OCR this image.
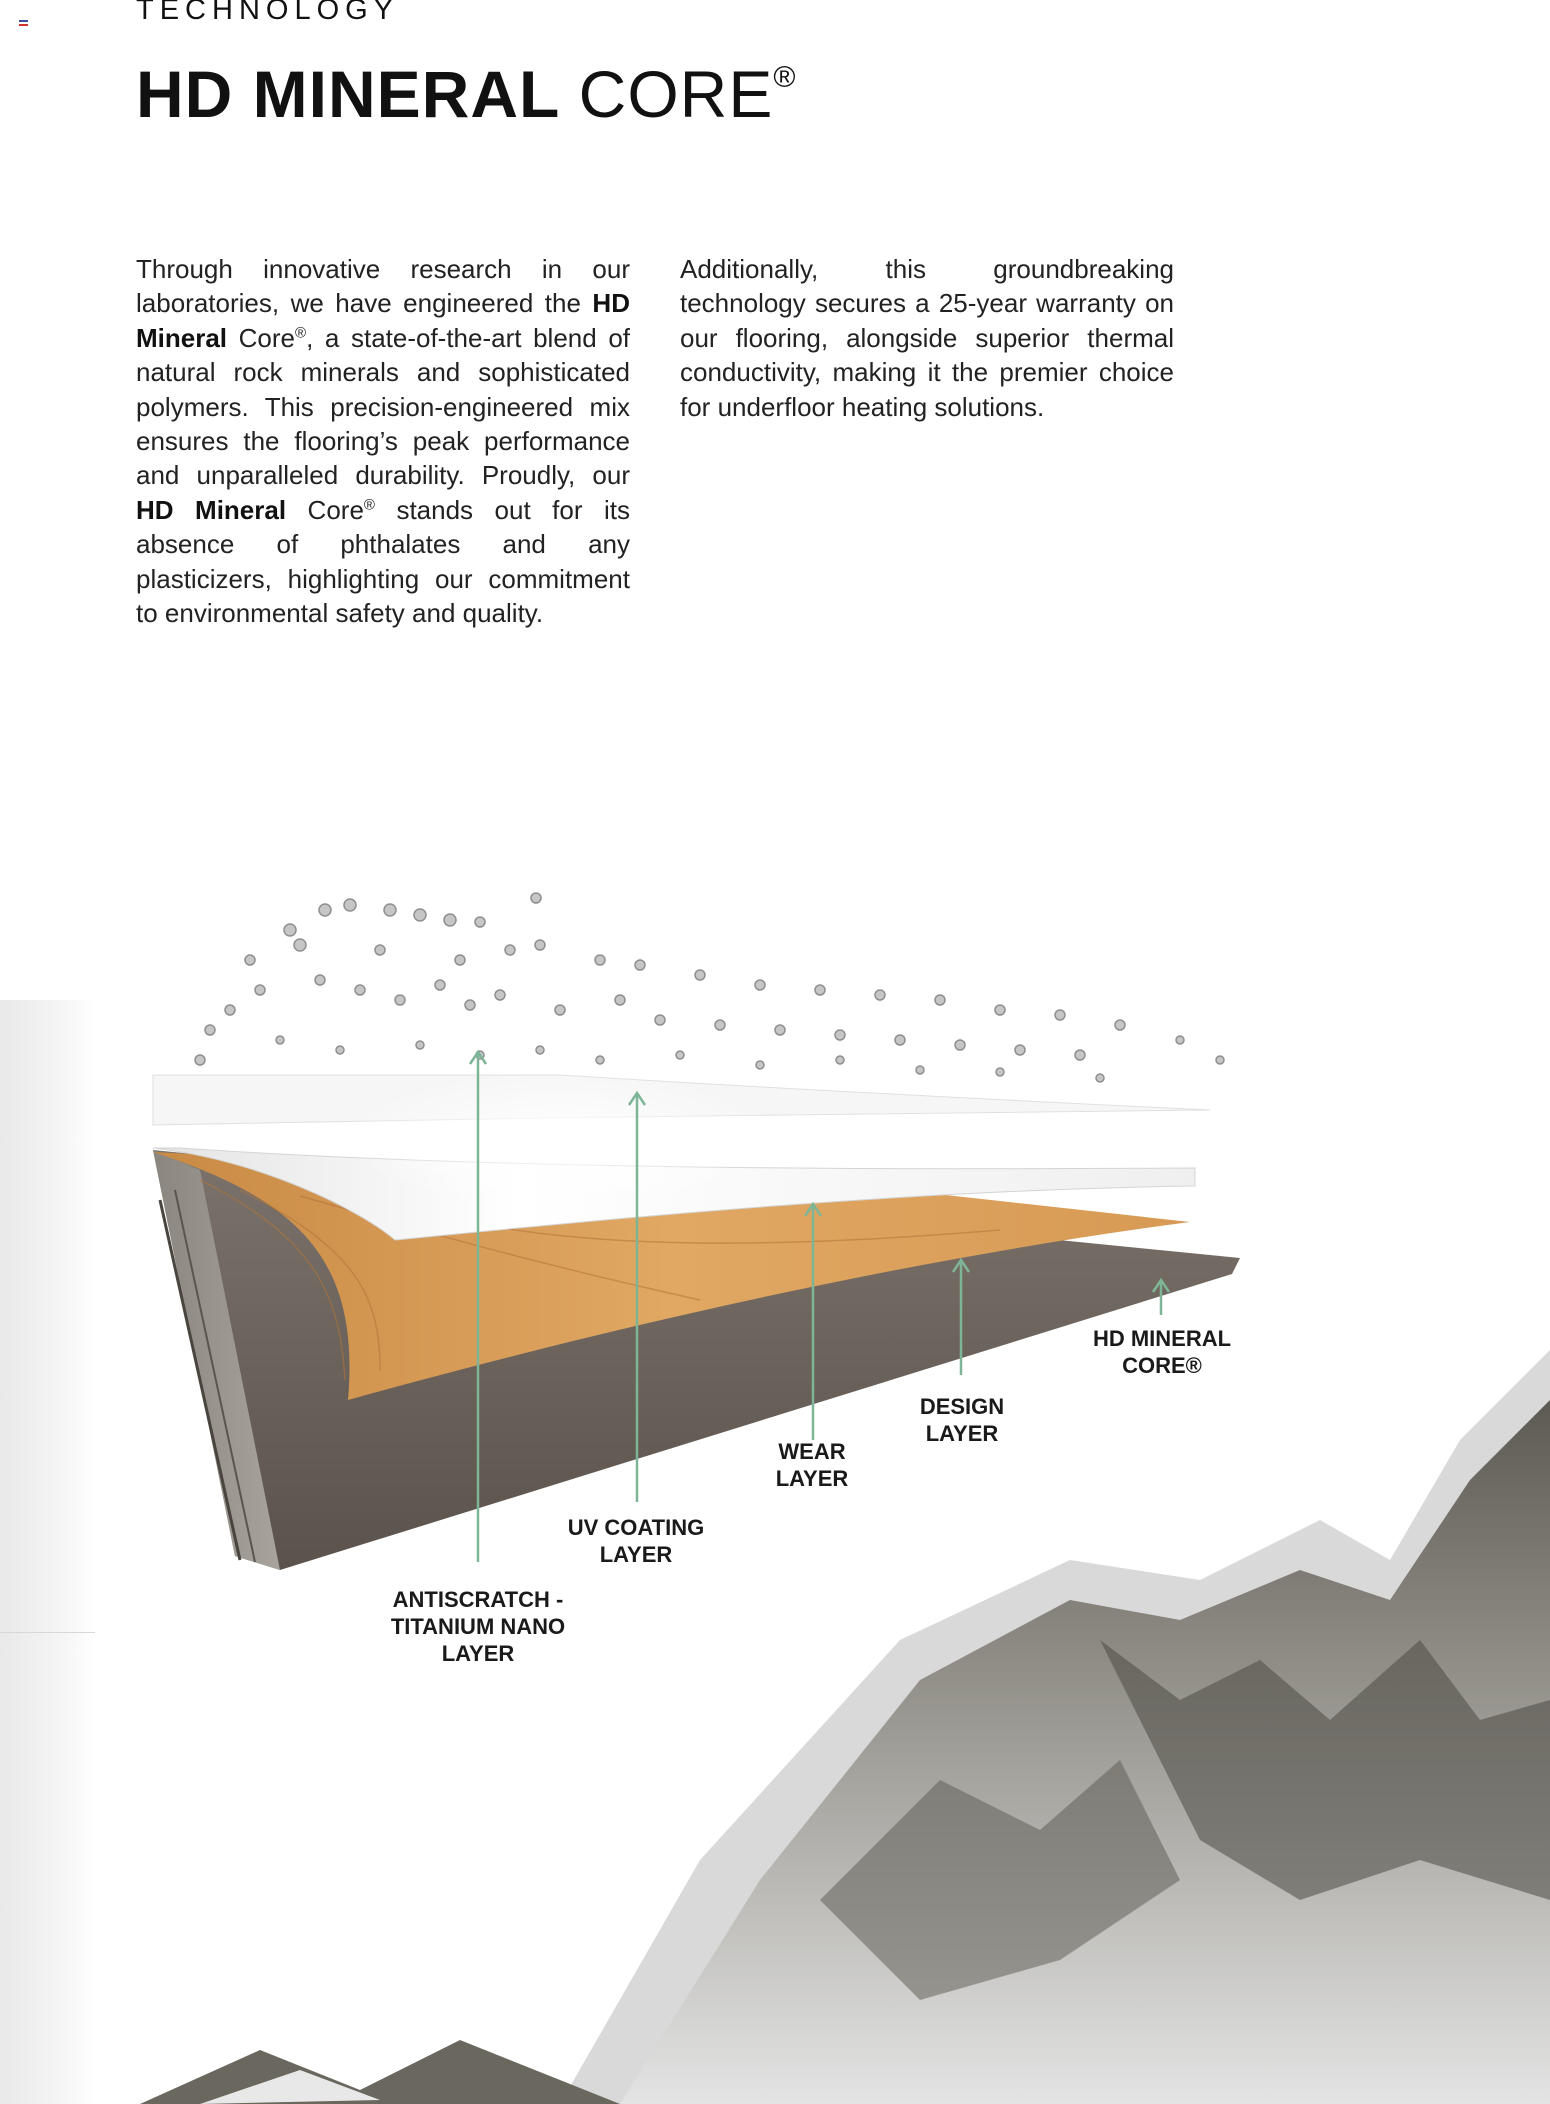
TECHNOLOGY
HD MINERAL CORE®
Through innovative research in our laboratories, we have engineered the HD Mineral Core®, a state-of-the-art blend of natural rock minerals and sophisticated polymers. This precision-engineered mix ensures the flooring’s peak performance and unparalleled durability. Proudly, our HD Mineral Core® stands out for its absence of phthalates and any plasticizers, highlighting our commitment to environmental safety and quality.
Additionally, this groundbreaking technology secures a 25-year warranty on our flooring, alongside superior thermal conductivity, making it the premier choice for underfloor heating solutions.
ANTISCRATCH -
TITANIUM NANO
LAYER
UV COATING
LAYER
WEAR
LAYER
DESIGN
LAYER
HD MINERAL
CORE®
